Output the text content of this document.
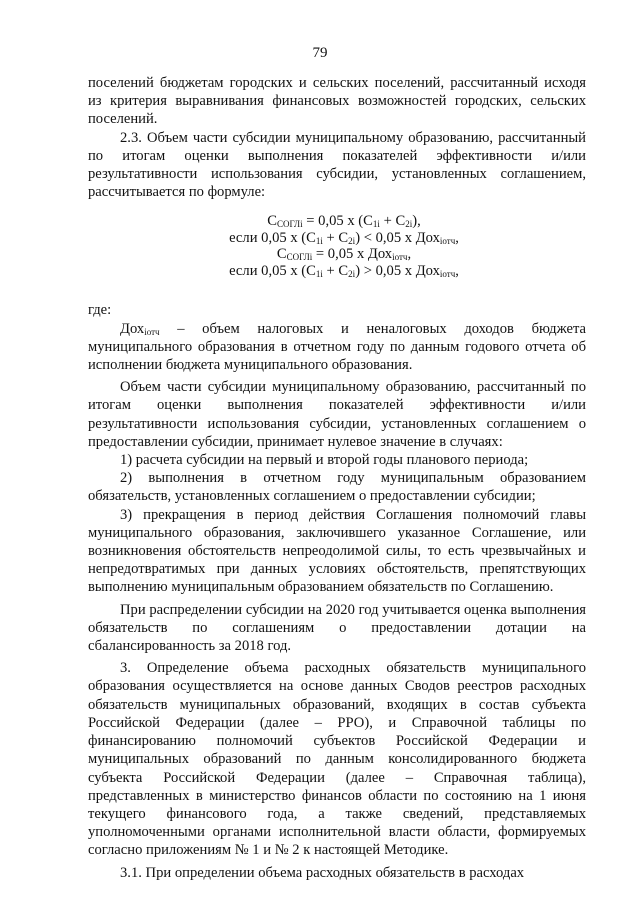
79

поселений бюджетам городских и сельских поселений, рассчитанный исходя из критерия выравнивания финансовых возможностей городских, сельских поселений.

2.3. Объем части субсидии муниципальному образованию, рассчитанный по итогам оценки выполнения показателей эффективности и/или результативности использования субсидии, установленных соглашением, рассчитывается по формуле:

$C_{СОГЛi} = 0,05$ x $(C_{1i} + C_{2i})$,
если 0,05 x $(C_{1i} + C_{2i}) < 0,05$ x Дох$_{iотч}$,
$C_{СОГЛi} = 0,05$ x Дох$_{iотч}$,
если 0,05 x $(C_{1i} + C_{2i}) > 0,05$ x Дох$_{iотч}$,

где:

Дох$_{iотч}$ – объем налоговых и неналоговых доходов бюджета муниципального образования в отчетном году по данным годового отчета об исполнении бюджета муниципального образования.

Объем части субсидии муниципальному образованию, рассчитанный по итогам оценки выполнения показателей эффективности и/или результативности использования субсидии, установленных соглашением о предоставлении субсидии, принимает нулевое значение в случаях:

1) расчета субсидии на первый и второй годы планового периода;

2) выполнения в отчетном году муниципальным образованием обязательств, установленных соглашением о предоставлении субсидии;

3) прекращения в период действия Соглашения полномочий главы муниципального образования, заключившего указанное Соглашение, или возникновения обстоятельств непреодолимой силы, то есть чрезвычайных и непредотвратимых при данных условиях обстоятельств, препятствующих выполнению муниципальным образованием обязательств по Соглашению.

При распределении субсидии на 2020 год учитывается оценка выполнения обязательств по соглашениям о предоставлении дотации на сбалансированность за 2018 год.

3. Определение объема расходных обязательств муниципального образования осуществляется на основе данных Сводов реестров расходных обязательств муниципальных образований, входящих в состав субъекта Российской Федерации (далее – РРО), и Справочной таблицы по финансированию полномочий субъектов Российской Федерации и муниципальных образований по данным консолидированного бюджета субъекта Российской Федерации (далее – Справочная таблица), представленных в министерство финансов области по состоянию на 1 июня текущего финансового года, а также сведений, представляемых уполномоченными органами исполнительной власти области, формируемых согласно приложениям № 1 и № 2 к настоящей Методике.

3.1. При определении объема расходных обязательств в расходах
